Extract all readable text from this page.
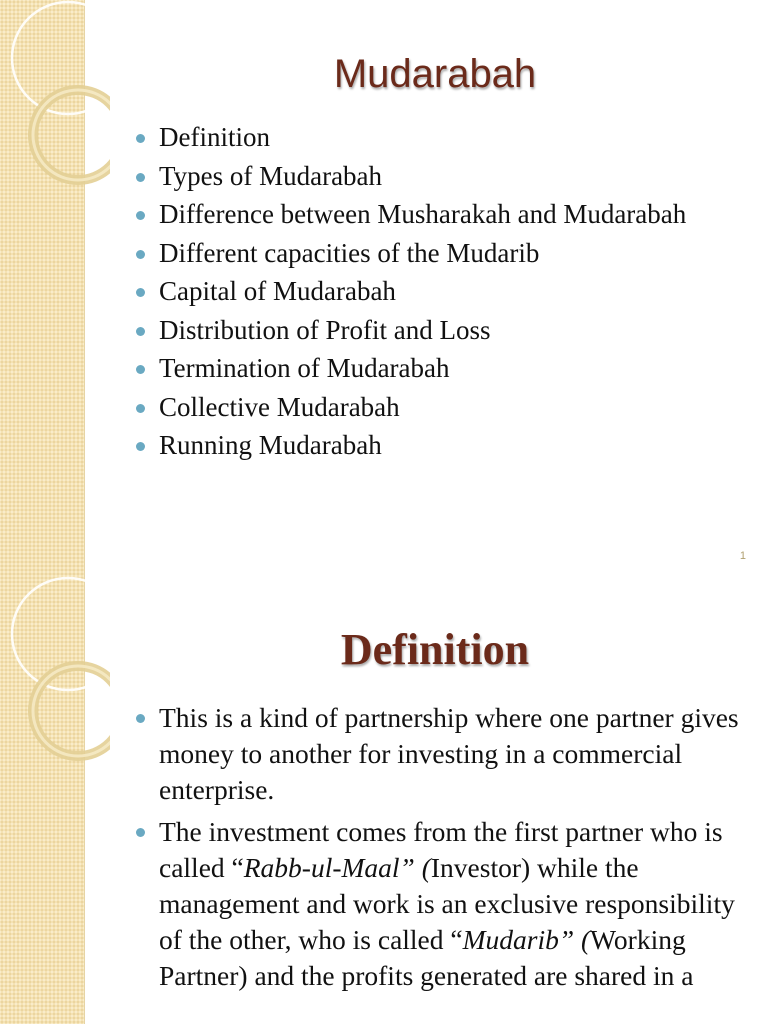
Mudarabah
Definition
Types of Mudarabah
Difference between Musharakah and Mudarabah
Different capacities of the Mudarib
Capital of Mudarabah
Distribution of Profit and Loss
Termination of Mudarabah
Collective Mudarabah
Running Mudarabah
1
Definition
This is a kind of partnership where one partner gives money to another for investing in a commercial enterprise.
The investment comes from the first partner who is called “Rabb-ul-Maal” (Investor) while the management and work is an exclusive responsibility of the other, who is called “Mudarib” (Working Partner) and the profits generated are shared in a
